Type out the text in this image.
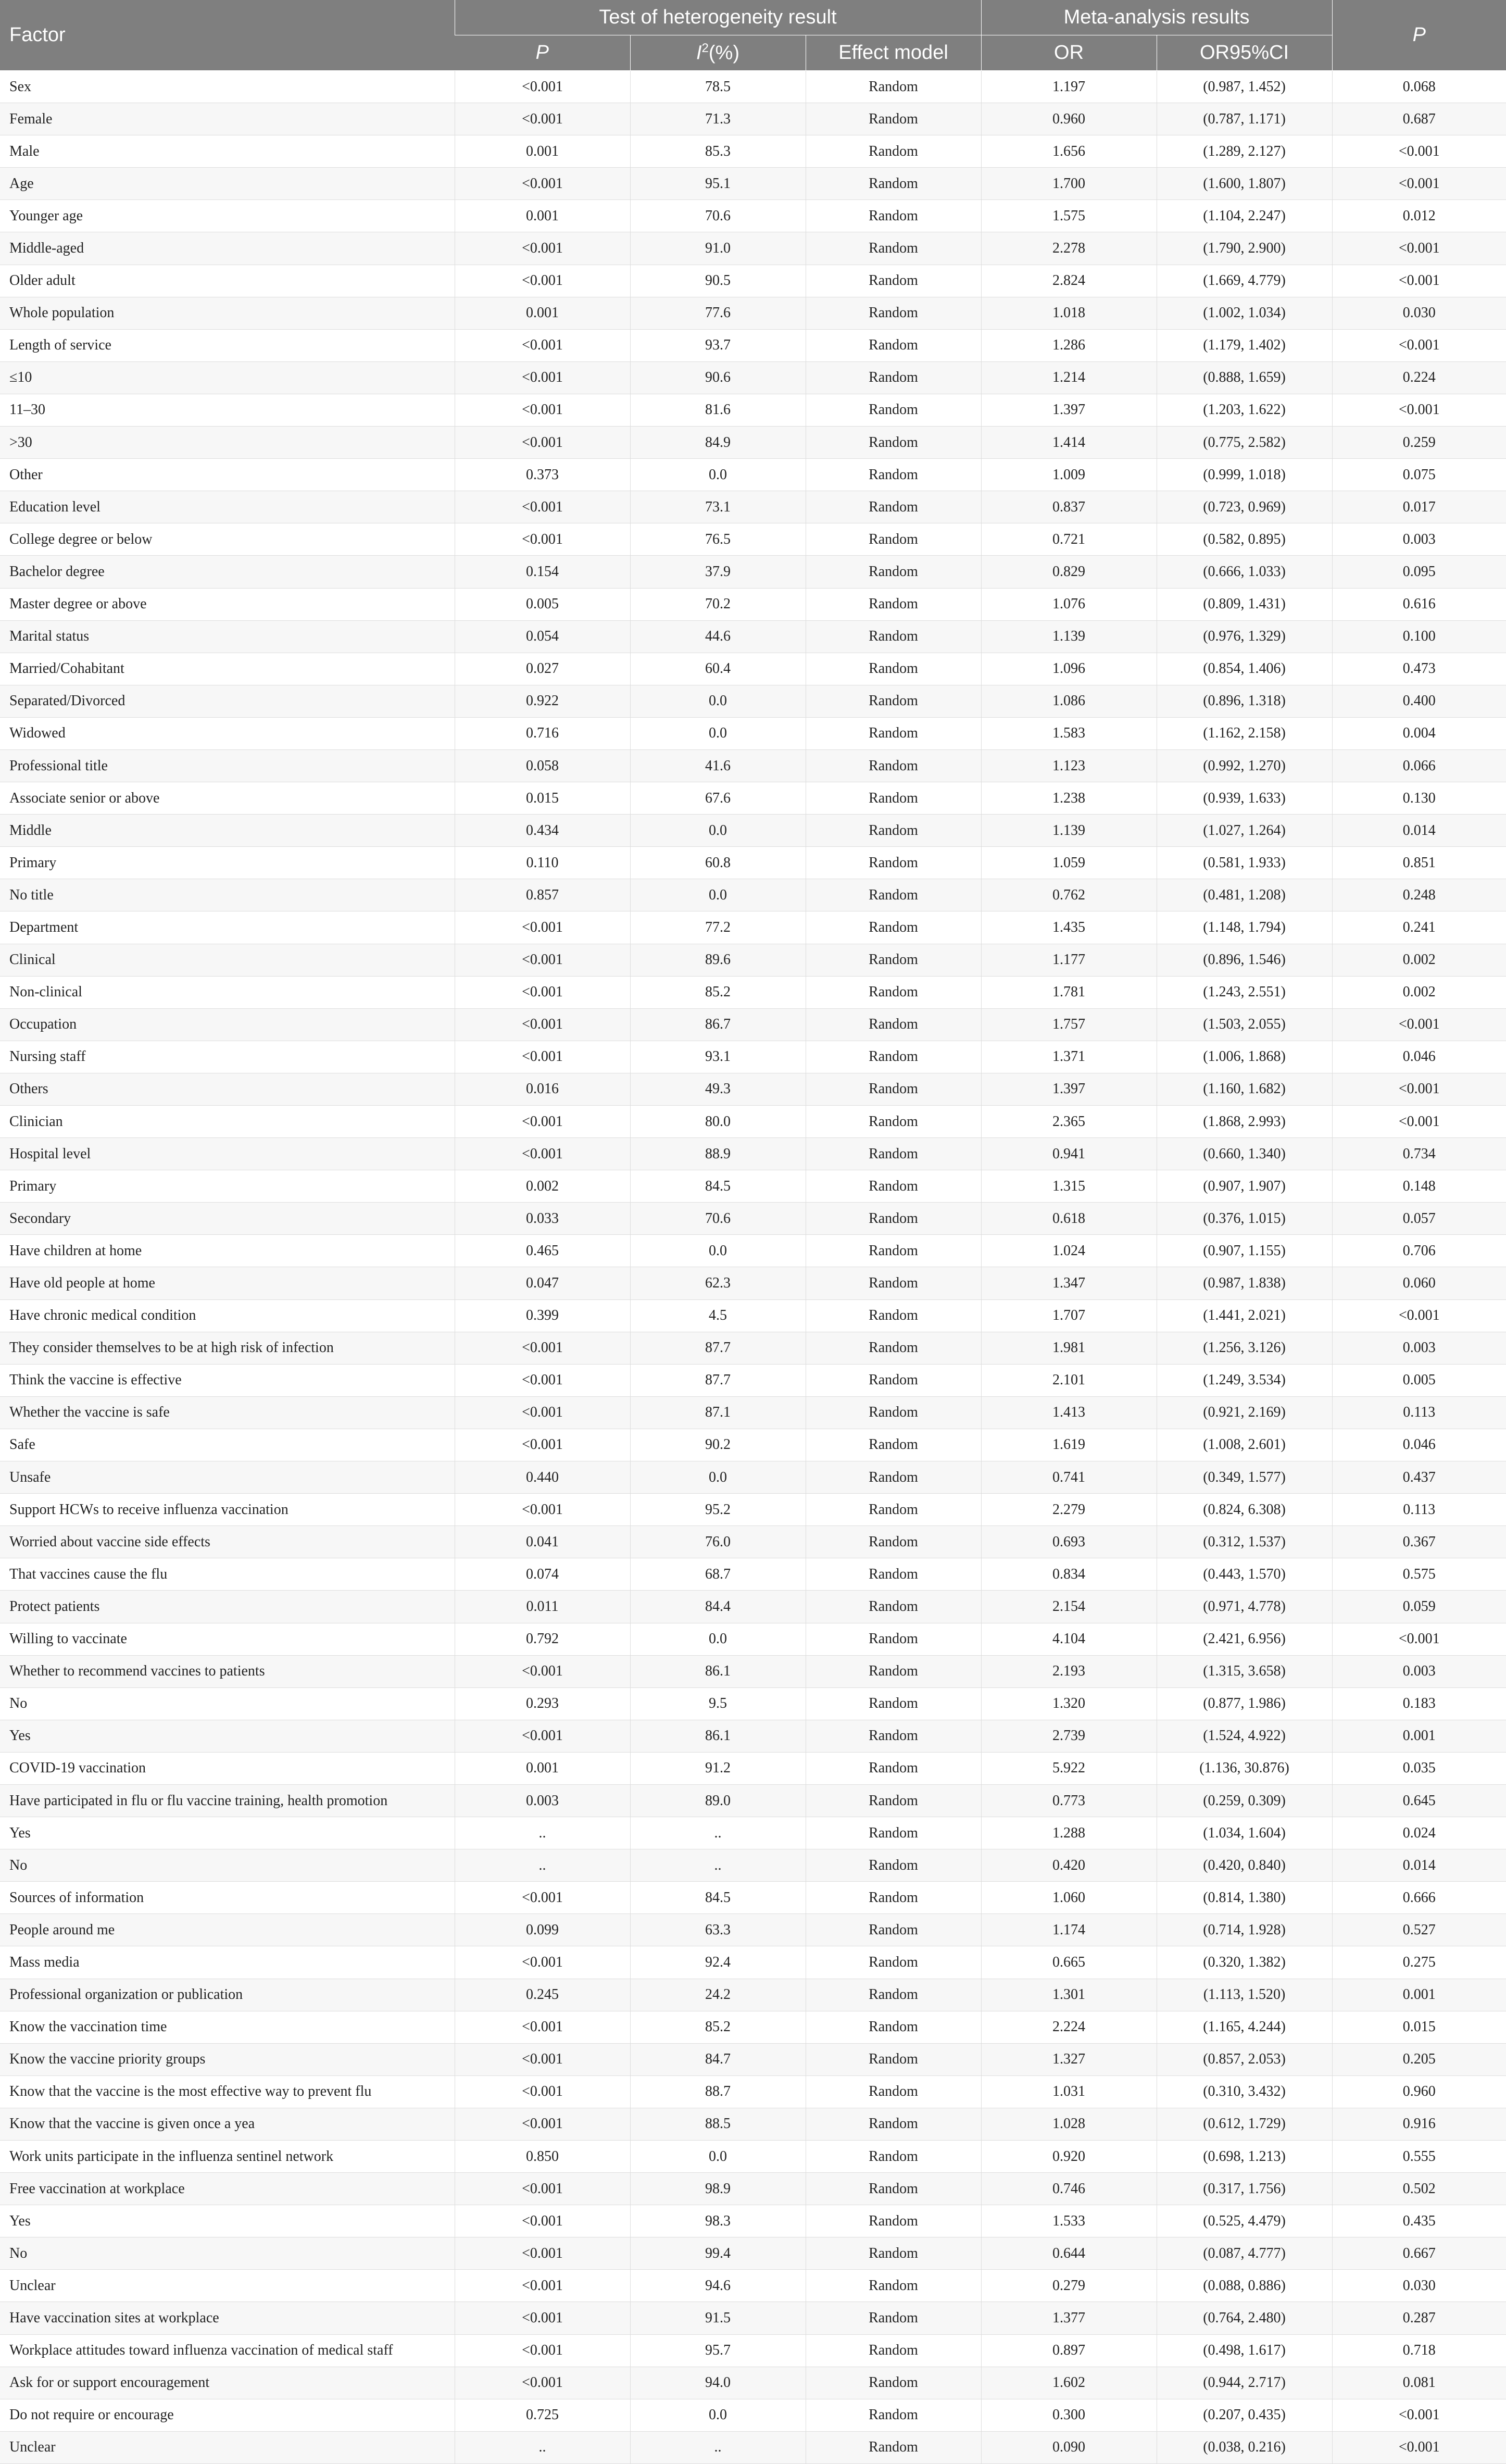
Factor	Test of heterogeneity result			Meta-analysis results		P
	P	$I^2(\%)$	Effect model	OR	OR95%CI	
Sex	<0.001	78.5	Random	1.197	(0.987, 1.452)	0.068
Female	<0.001	71.3	Random	0.960	(0.787, 1.171)	0.687
Male	0.001	85.3	Random	1.656	(1.289, 2.127)	<0.001
Age	<0.001	95.1	Random	1.700	(1.600, 1.807)	<0.001
Younger age	0.001	70.6	Random	1.575	(1.104, 2.247)	0.012
Middle-aged	<0.001	91.0	Random	2.278	(1.790, 2.900)	<0.001
Older adult	<0.001	90.5	Random	2.824	(1.669, 4.779)	<0.001
Whole population	0.001	77.6	Random	1.018	(1.002, 1.034)	0.030
Length of service	<0.001	93.7	Random	1.286	(1.179, 1.402)	<0.001
≤10	<0.001	90.6	Random	1.214	(0.888, 1.659)	0.224
11–30	<0.001	81.6	Random	1.397	(1.203, 1.622)	<0.001
>30	<0.001	84.9	Random	1.414	(0.775, 2.582)	0.259
Other	0.373	0.0	Random	1.009	(0.999, 1.018)	0.075
Education level	<0.001	73.1	Random	0.837	(0.723, 0.969)	0.017
College degree or below	<0.001	76.5	Random	0.721	(0.582, 0.895)	0.003
Bachelor degree	0.154	37.9	Random	0.829	(0.666, 1.033)	0.095
Master degree or above	0.005	70.2	Random	1.076	(0.809, 1.431)	0.616
Marital status	0.054	44.6	Random	1.139	(0.976, 1.329)	0.100
Married/Cohabitant	0.027	60.4	Random	1.096	(0.854, 1.406)	0.473
Separated/Divorced	0.922	0.0	Random	1.086	(0.896, 1.318)	0.400
Widowed	0.716	0.0	Random	1.583	(1.162, 2.158)	0.004
Professional title	0.058	41.6	Random	1.123	(0.992, 1.270)	0.066
Associate senior or above	0.015	67.6	Random	1.238	(0.939, 1.633)	0.130
Middle	0.434	0.0	Random	1.139	(1.027, 1.264)	0.014
Primary	0.110	60.8	Random	1.059	(0.581, 1.933)	0.851
No title	0.857	0.0	Random	0.762	(0.481, 1.208)	0.248
Department	<0.001	77.2	Random	1.435	(1.148, 1.794)	0.241
Clinical	<0.001	89.6	Random	1.177	(0.896, 1.546)	0.002
Non-clinical	<0.001	85.2	Random	1.781	(1.243, 2.551)	0.002
Occupation	<0.001	86.7	Random	1.757	(1.503, 2.055)	<0.001
Nursing staff	<0.001	93.1	Random	1.371	(1.006, 1.868)	0.046
Others	0.016	49.3	Random	1.397	(1.160, 1.682)	<0.001
Clinician	<0.001	80.0	Random	2.365	(1.868, 2.993)	<0.001
Hospital level	<0.001	88.9	Random	0.941	(0.660, 1.340)	0.734
Primary	0.002	84.5	Random	1.315	(0.907, 1.907)	0.148
Secondary	0.033	70.6	Random	0.618	(0.376, 1.015)	0.057
Have children at home	0.465	0.0	Random	1.024	(0.907, 1.155)	0.706
Have old people at home	0.047	62.3	Random	1.347	(0.987, 1.838)	0.060
Have chronic medical condition	0.399	4.5	Random	1.707	(1.441, 2.021)	<0.001
They consider themselves to be at high risk of infection	<0.001	87.7	Random	1.981	(1.256, 3.126)	0.003
Think the vaccine is effective	<0.001	87.7	Random	2.101	(1.249, 3.534)	0.005
Whether the vaccine is safe	<0.001	87.1	Random	1.413	(0.921, 2.169)	0.113
Safe	<0.001	90.2	Random	1.619	(1.008, 2.601)	0.046
Unsafe	0.440	0.0	Random	0.741	(0.349, 1.577)	0.437
Support HCWs to receive influenza vaccination	<0.001	95.2	Random	2.279	(0.824, 6.308)	0.113
Worried about vaccine side effects	0.041	76.0	Random	0.693	(0.312, 1.537)	0.367
That vaccines cause the flu	0.074	68.7	Random	0.834	(0.443, 1.570)	0.575
Protect patients	0.011	84.4	Random	2.154	(0.971, 4.778)	0.059
Willing to vaccinate	0.792	0.0	Random	4.104	(2.421, 6.956)	<0.001
Whether to recommend vaccines to patients	<0.001	86.1	Random	2.193	(1.315, 3.658)	0.003
No	0.293	9.5	Random	1.320	(0.877, 1.986)	0.183
Yes	<0.001	86.1	Random	2.739	(1.524, 4.922)	0.001
COVID-19 vaccination	0.001	91.2	Random	5.922	(1.136, 30.876)	0.035
Have participated in flu or flu vaccine training, health promotion	0.003	89.0	Random	0.773	(0.259, 0.309)	0.645
Yes	..	..	Random	1.288	(1.034, 1.604)	0.024
No	..	..	Random	0.420	(0.420, 0.840)	0.014
Sources of information	<0.001	84.5	Random	1.060	(0.814, 1.380)	0.666
People around me	0.099	63.3	Random	1.174	(0.714, 1.928)	0.527
Mass media	<0.001	92.4	Random	0.665	(0.320, 1.382)	0.275
Professional organization or publication	0.245	24.2	Random	1.301	(1.113, 1.520)	0.001
Know the vaccination time	<0.001	85.2	Random	2.224	(1.165, 4.244)	0.015
Know the vaccine priority groups	<0.001	84.7	Random	1.327	(0.857, 2.053)	0.205
Know that the vaccine is the most effective way to prevent flu	<0.001	88.7	Random	1.031	(0.310, 3.432)	0.960
Know that the vaccine is given once a yea	<0.001	88.5	Random	1.028	(0.612, 1.729)	0.916
Work units participate in the influenza sentinel network	0.850	0.0	Random	0.920	(0.698, 1.213)	0.555
Free vaccination at workplace	<0.001	98.9	Random	0.746	(0.317, 1.756)	0.502
Yes	<0.001	98.3	Random	1.533	(0.525, 4.479)	0.435
No	<0.001	99.4	Random	0.644	(0.087, 4.777)	0.667
Unclear	<0.001	94.6	Random	0.279	(0.088, 0.886)	0.030
Have vaccination sites at workplace	<0.001	91.5	Random	1.377	(0.764, 2.480)	0.287
Workplace attitudes toward influenza vaccination of medical staff	<0.001	95.7	Random	0.897	(0.498, 1.617)	0.718
Ask for or support encouragement	<0.001	94.0	Random	1.602	(0.944, 2.717)	0.081
Do not require or encourage	0.725	0.0	Random	0.300	(0.207, 0.435)	<0.001
Unclear	..	..	Random	0.090	(0.038, 0.216)	<0.001
